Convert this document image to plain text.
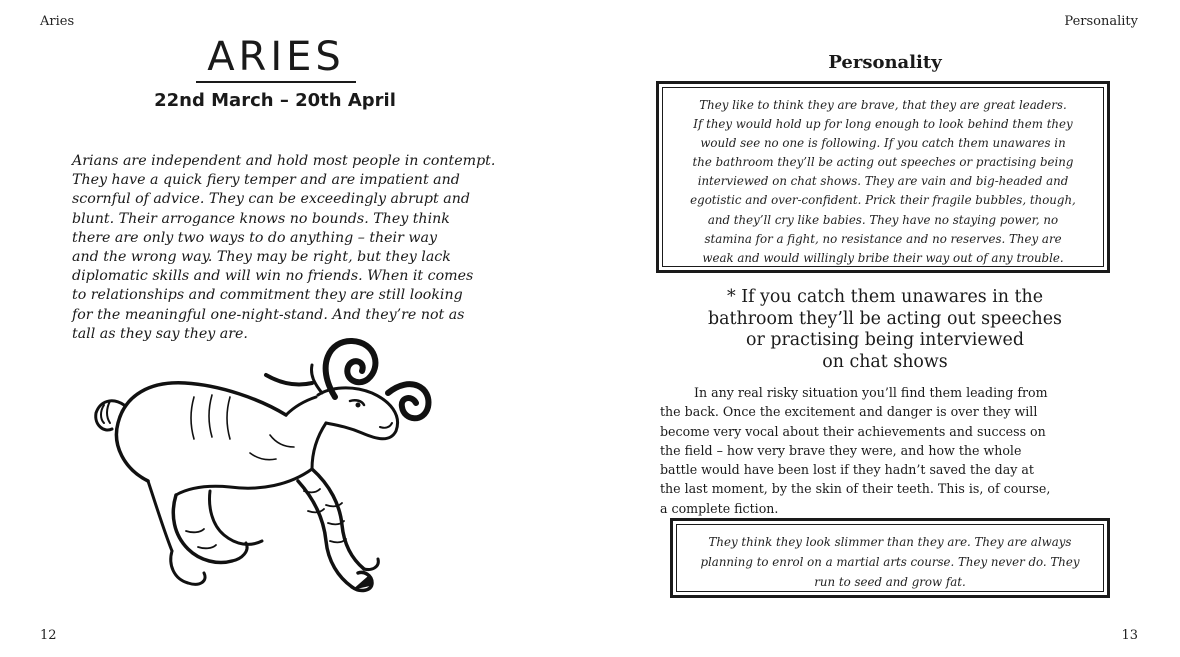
Aries
ARIES
22nd March – 20th April
Arians are independent and hold most people in contempt.
They have a quick fiery temper and are impatient and
scornful of advice. They can be exceedingly abrupt and
blunt. Their arrogance knows no bounds. They think
there are only two ways to do anything – their way
and the wrong way. They may be right, but they lack
diplomatic skills and will win no friends. When it comes
to relationships and commitment they are still looking
for the meaningful one-night-stand. And they’re not as
tall as they say they are.
12
Personality
Personality
They like to think they are brave, that they are great leaders.
If they would hold up for long enough to look behind them they
would see no one is following. If you catch them unawares in
the bathroom they’ll be acting out speeches or practising being
interviewed on chat shows. They are vain and big-headed and
egotistic and over-confident. Prick their fragile bubbles, though,
and they’ll cry like babies. They have no staying power, no
stamina for a fight, no resistance and no reserves. They are
weak and would willingly bribe their way out of any trouble.
* If you catch them unawares in the
bathroom they’ll be acting out speeches
or practising being interviewed
on chat shows
In any real risky situation you’ll find them leading from
the back. Once the excitement and danger is over they will
become very vocal about their achievements and success on
the field – how very brave they were, and how the whole
battle would have been lost if they hadn’t saved the day at
the last moment, by the skin of their teeth. This is, of course,
a complete fiction.
They think they look slimmer than they are. They are always
planning to enrol on a martial arts course. They never do. They
run to seed and grow fat.
13
